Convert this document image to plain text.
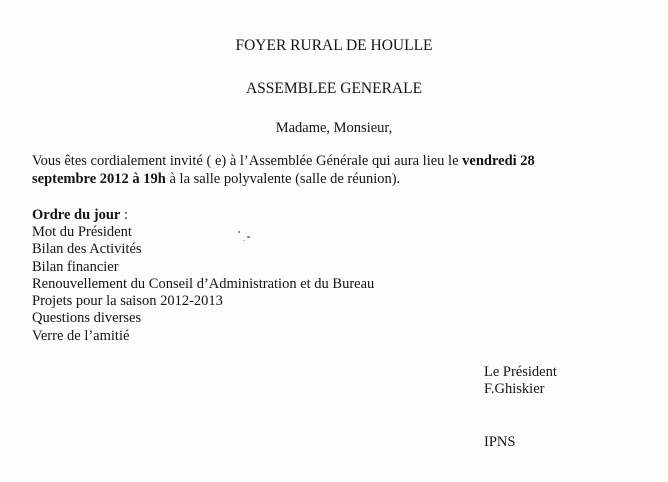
FOYER RURAL DE HOULLE
ASSEMBLEE GENERALE
Madame, Monsieur,
Vous êtes cordialement invité ( e) à l’Assemblée Générale qui aura lieu le vendredi 28
septembre 2012 à 19h à la salle polyvalente (salle de réunion).
Ordre du jour :
Mot du Président
Bilan des Activités
Bilan financier
Renouvellement du Conseil d’Administration et du Bureau
Projets pour la saison 2012-2013
Questions diverses
Verre de l’amitié
Le Président
F.Ghiskier
IPNS
